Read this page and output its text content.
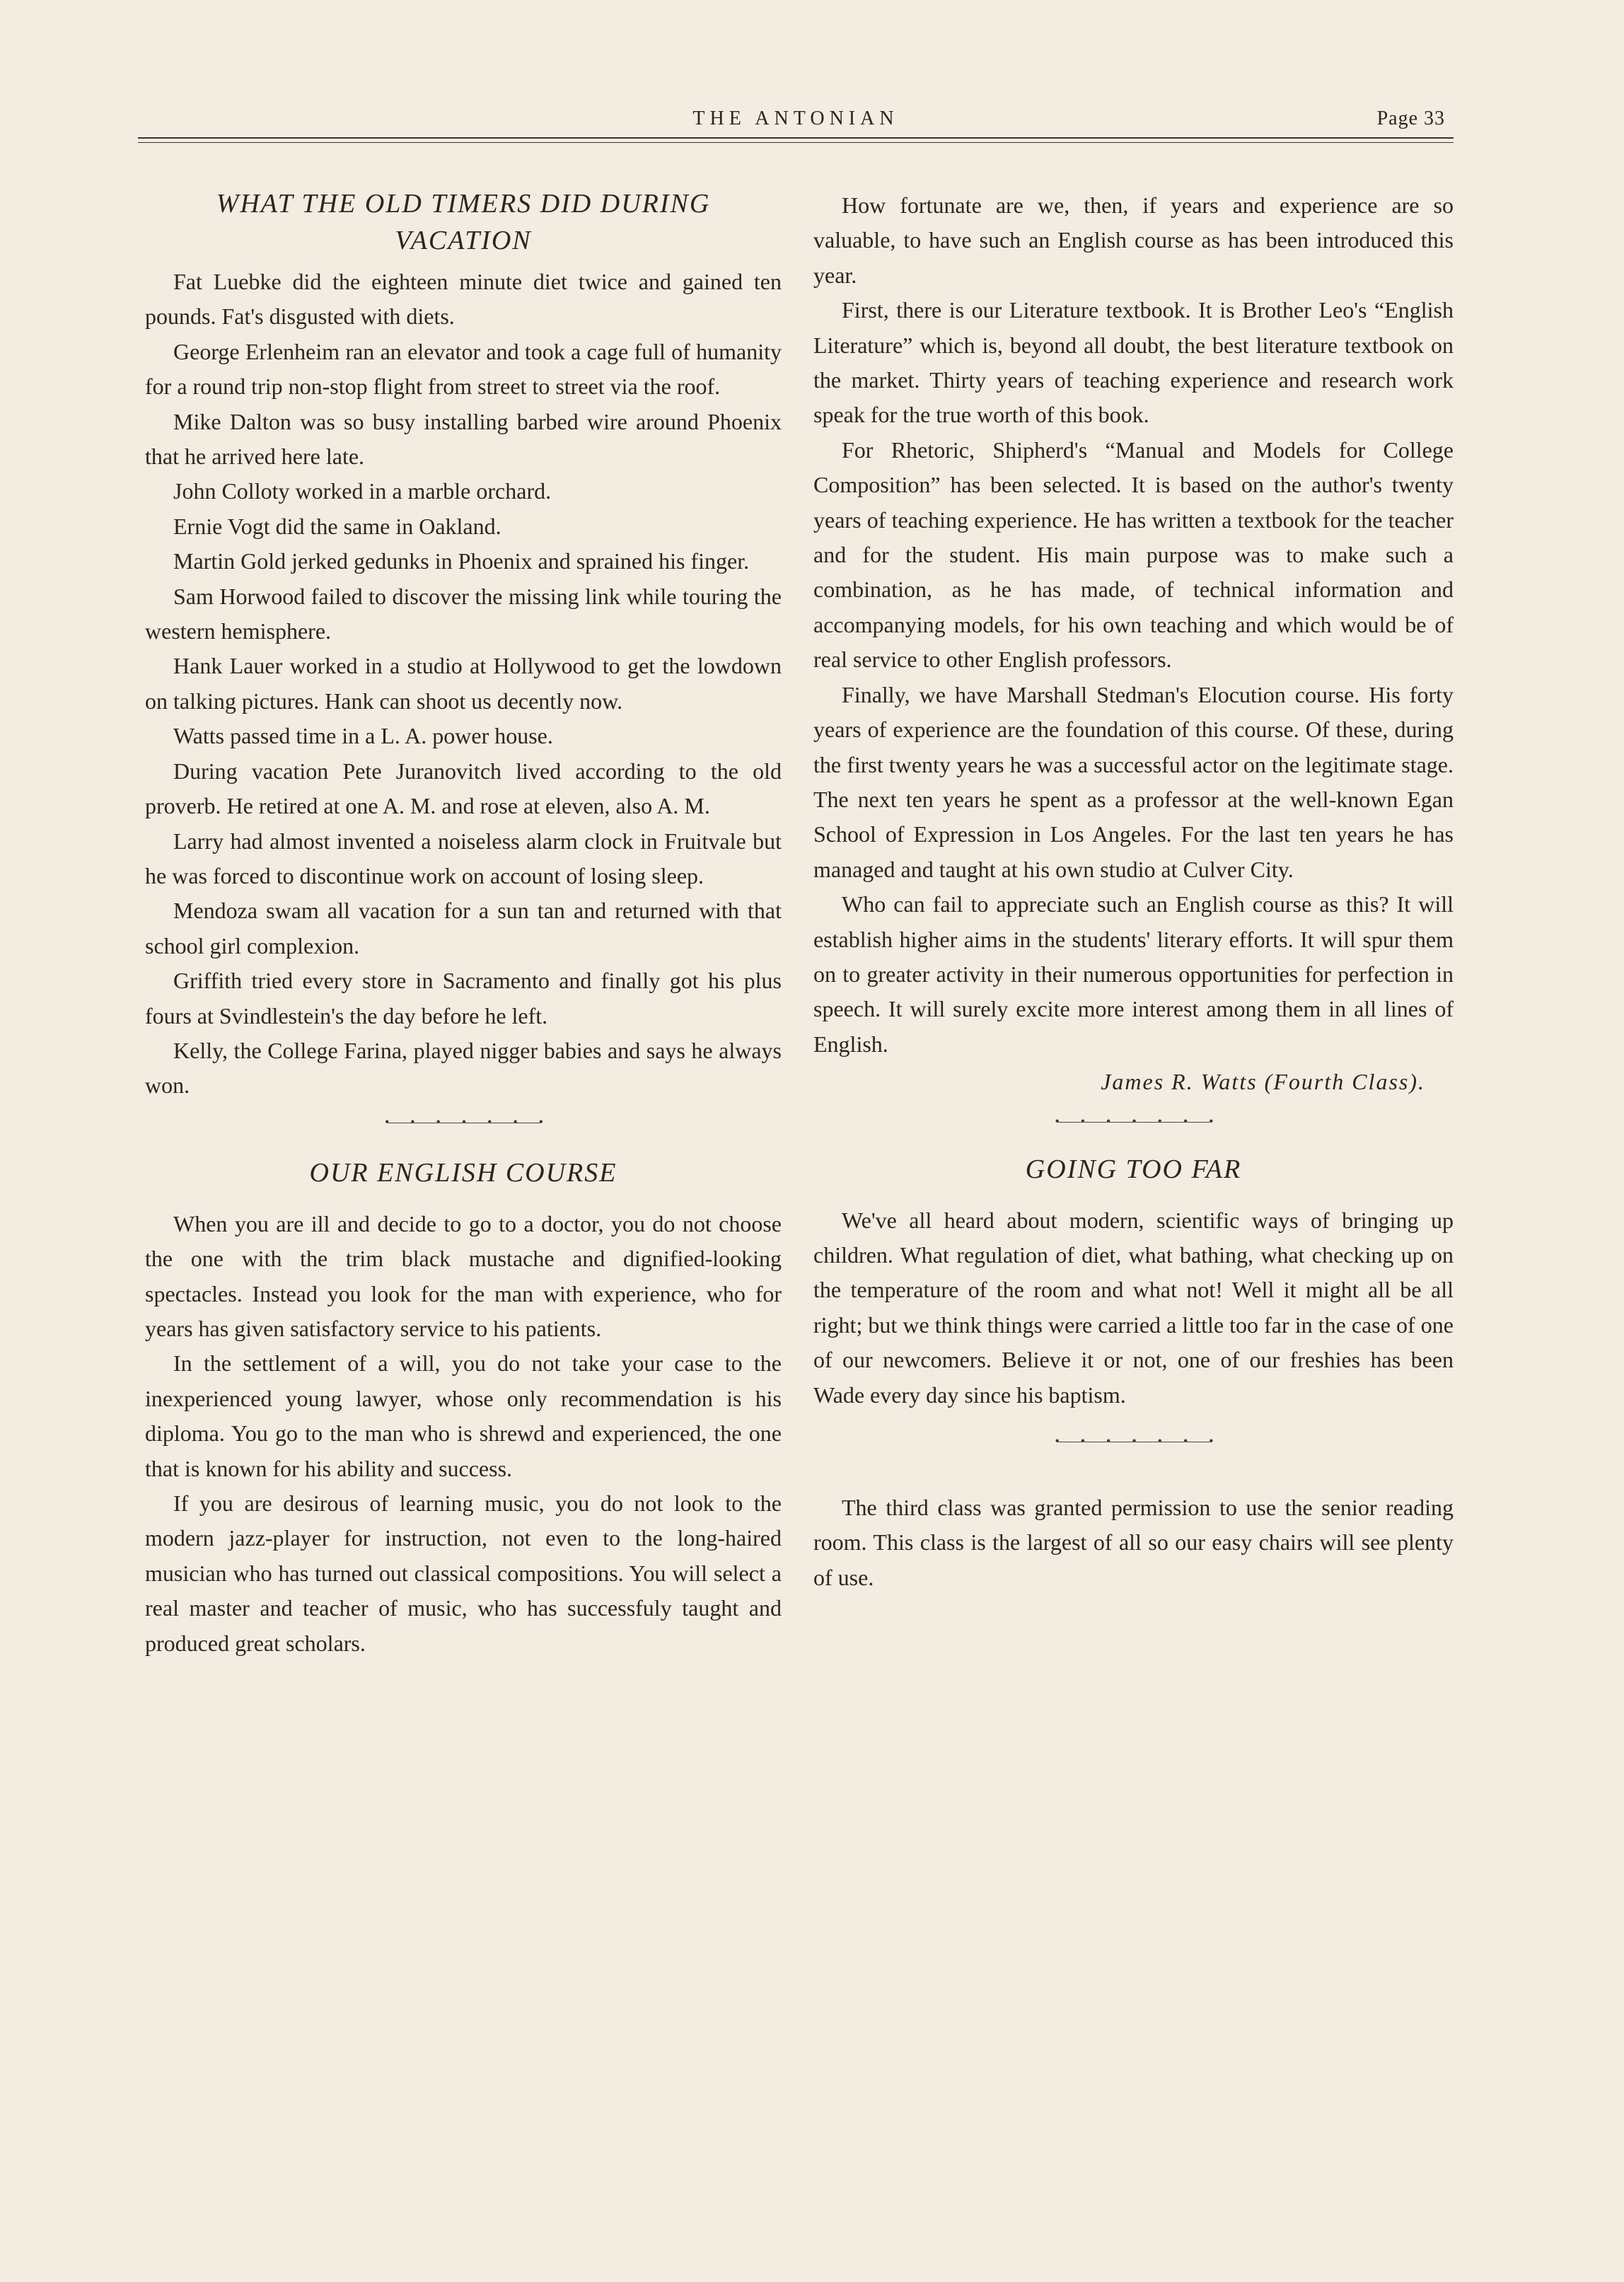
THE ANTONIAN	Page 33
WHAT THE OLD TIMERS DID DURING
VACATION

Fat Luebke did the eighteen minute diet twice and gained ten pounds. Fat's disgusted with diets.

George Erlenheim ran an elevator and took a cage full of humanity for a round trip non-stop flight from street to street via the roof.

Mike Dalton was so busy installing barbed wire around Phoenix that he arrived here late.

John Colloty worked in a marble orchard.

Ernie Vogt did the same in Oakland.

Martin Gold jerked gedunks in Phoenix and sprained his finger.

Sam Horwood failed to discover the missing link while touring the western hemisphere.

Hank Lauer worked in a studio at Hollywood to get the lowdown on talking pictures. Hank can shoot us decently now.

Watts passed time in a L. A. power house.

During vacation Pete Juranovitch lived according to the old proverb. He retired at one A. M. and rose at eleven, also A. M.

Larry had almost invented a noiseless alarm clock in Fruitvale but he was forced to discontinue work on account of losing sleep.

Mendoza swam all vacation for a sun tan and returned with that school girl complexion.

Griffith tried every store in Sacramento and finally got his plus fours at Svindlestein's the day before he left.

Kelly, the College Farina, played nigger babies and says he always won.

•——•——•——•——•——•——•
OUR ENGLISH COURSE

When you are ill and decide to go to a doctor, you do not choose the one with the trim black mustache and dignified-looking spectacles. Instead you look for the man with experience, who for years has given satisfactory service to his patients.

In the settlement of a will, you do not take your case to the inexperienced young lawyer, whose only recommendation is his diploma. You go to the man who is shrewd and experienced, the one that is known for his ability and success.

If you are desirous of learning music, you do not look to the modern jazz-player for instruction, not even to the long-haired musician who has turned out classical compositions. You will select a real master and teacher of music, who has successfuly taught and produced great scholars.

How fortunate are we, then, if years and experience are so valuable, to have such an English course as has been introduced this year.

First, there is our Literature textbook. It is Brother Leo's “English Literature” which is, beyond all doubt, the best literature textbook on the market. Thirty years of teaching experience and research work speak for the true worth of this book.

For Rhetoric, Shipherd's “Manual and Models for College Composition” has been selected. It is based on the author's twenty years of teaching experience. He has written a textbook for the teacher and for the student. His main purpose was to make such a combination, as he has made, of technical information and accompanying models, for his own teaching and which would be of real service to other English professors.

Finally, we have Marshall Stedman's Elocution course. His forty years of experience are the foundation of this course. Of these, during the first twenty years he was a successful actor on the legitimate stage. The next ten years he spent as a professor at the well-known Egan School of Expression in Los Angeles. For the last ten years he has managed and taught at his own studio at Culver City.

Who can fail to appreciate such an English course as this? It will establish higher aims in the students' literary efforts. It will spur them on to greater activity in their numerous opportunities for perfection in speech. It will surely excite more interest among them in all lines of English.

James R. Watts (Fourth Class).

•——•——•——•——•——•——•
GOING TOO FAR

We've all heard about modern, scientific ways of bringing up children. What regulation of diet, what bathing, what checking up on the temperature of the room and what not! Well it might all be all right; but we think things were carried a little too far in the case of one of our newcomers. Believe it or not, one of our freshies has been Wade every day since his baptism.

•——•——•——•——•——•——•

The third class was granted permission to use the senior reading room. This class is the largest of all so our easy chairs will see plenty of use.
